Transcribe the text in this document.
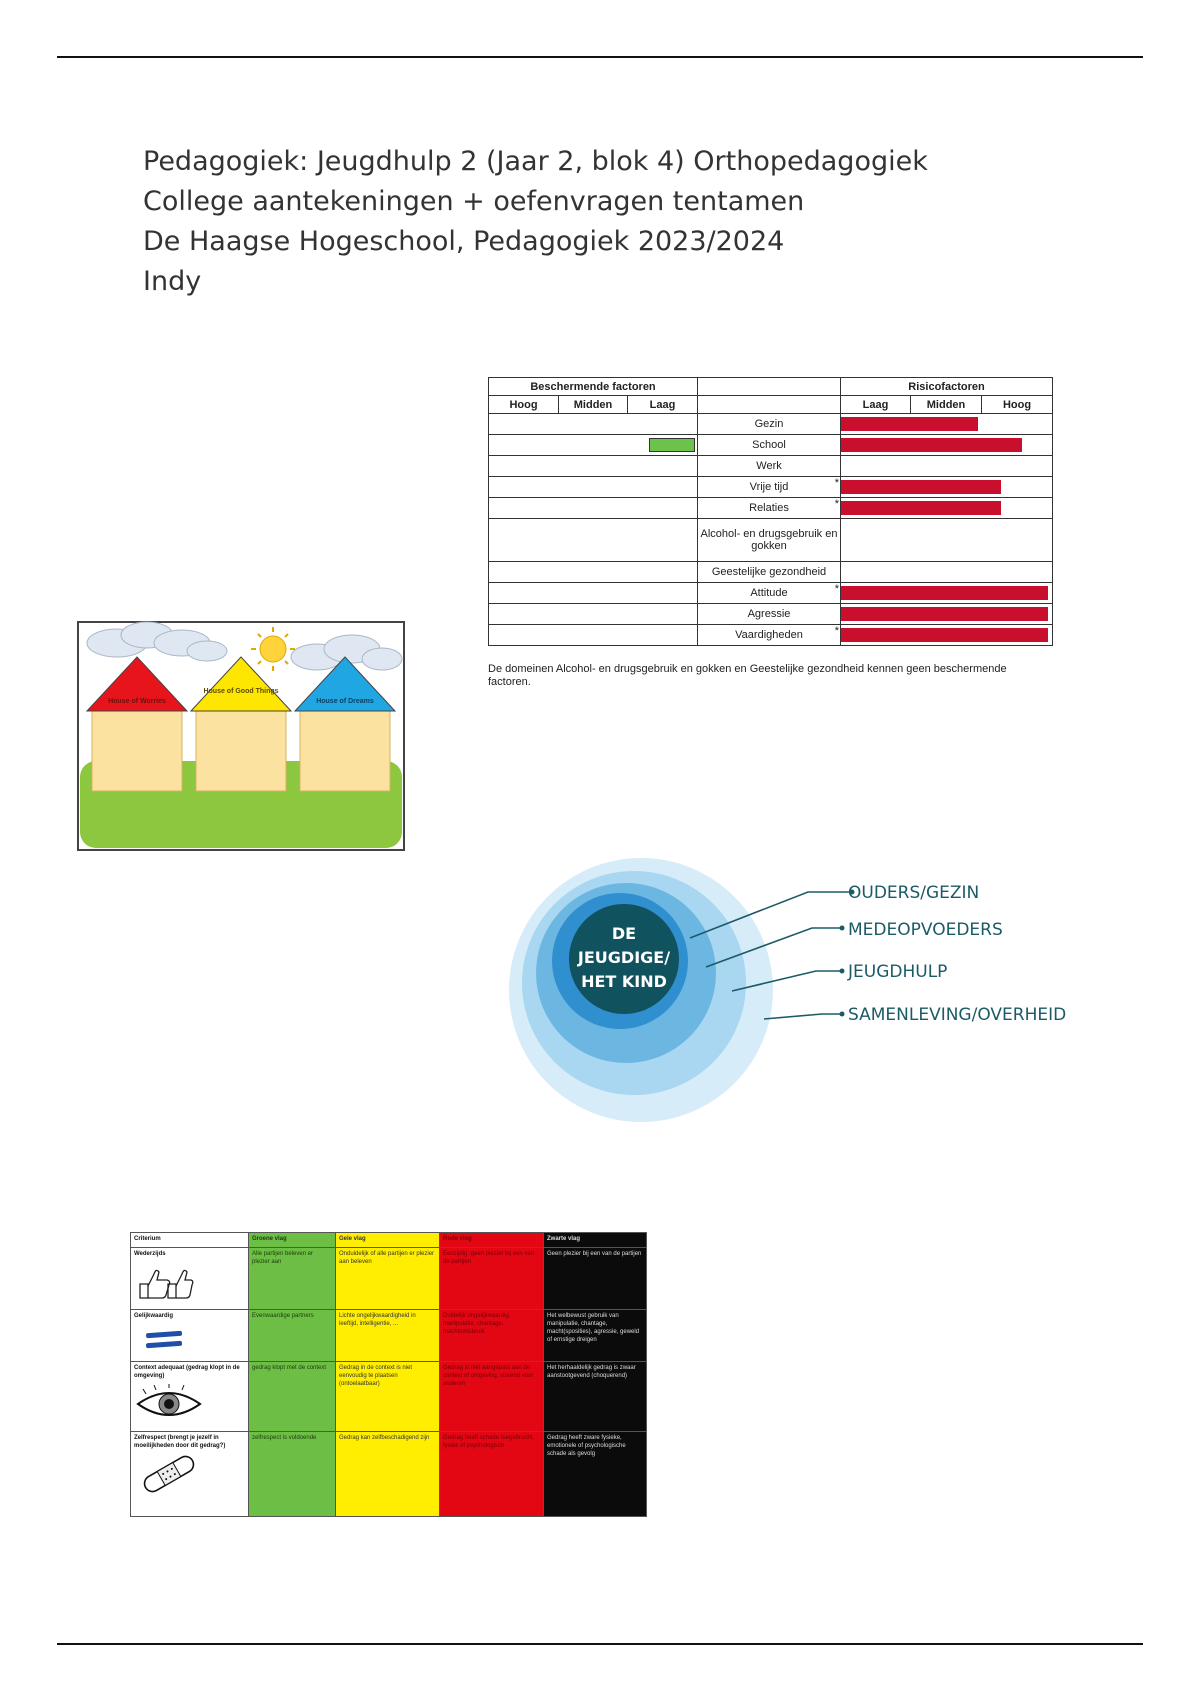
Pedagogiek: Jeugdhulp 2 (Jaar 2, blok 4) Orthopedagogiek
College aantekeningen + oefenvragen tentamen
De Haagse Hogeschool, Pedagogiek 2023/2024
Indy
House of Worries
House of Good Things
House of Dreams
Beschermende factoren				Risicofactoren		
Hoog	Midden	Laag		Laag	Midden	Hoog
			Gezin			

			School			

			Werk			
			Vrije tijd *			

			Relaties *			

			Alcohol- en drugsgebruik en gokken			
			Geestelijke gezondheid			
			Attitude *			

			Agressie			

			Vaardigheden *			

De domeinen Alcohol- en drugsgebruik en gokken en Geestelijke gezondheid kennen geen beschermende factoren.
DE
JEUGDIGE/
HET KIND
OUDERS/GEZIN
MEDEOPVOEDERS
JEUGDHULP
SAMENLEVING/OVERHEID
Criterium	Groene vlag	Gele vlag	Rode vlag	Zwarte vlag
Wederzijds	Alle partijen beleven er plezier aan	Onduidelijk of alle partijen er plezier aan beleven	Eenzijdig: geen plezier bij een van de partijen	Geen plezier bij een van de partijen
Gelijkwaardig	Evenwaardige partners	Lichte ongelijkwaardigheid in leeftijd, intelligentie, ...	Duidelijk ongelijkwaardig, manipulatie, chantage, machtsmisbruik	Het welbewust gebruik van manipulatie, chantage, macht(sposities), agressie, geweld of ernstige dreigen
Context adequaat (gedrag klopt in de omgeving)	gedrag klopt met de context	Gedrag in de context is niet eenvoudig te plaatsen (ontoelaatbaar)	Gedrag is niet aangepast aan de context of omgeving, storend voor anderen	Het herhaaldelijk gedrag is zwaar aanstootgevend (choquerend)
Zelfrespect (brengt je jezelf in moeilijkheden door dit gedrag?)	zelfrespect is voldoende	Gedrag kan zelfbeschadigend zijn	Gedrag heeft schade toegebracht, fysiek of psychologisch	Gedrag heeft zware fysieke, emotionele of psychologische schade als gevolg
